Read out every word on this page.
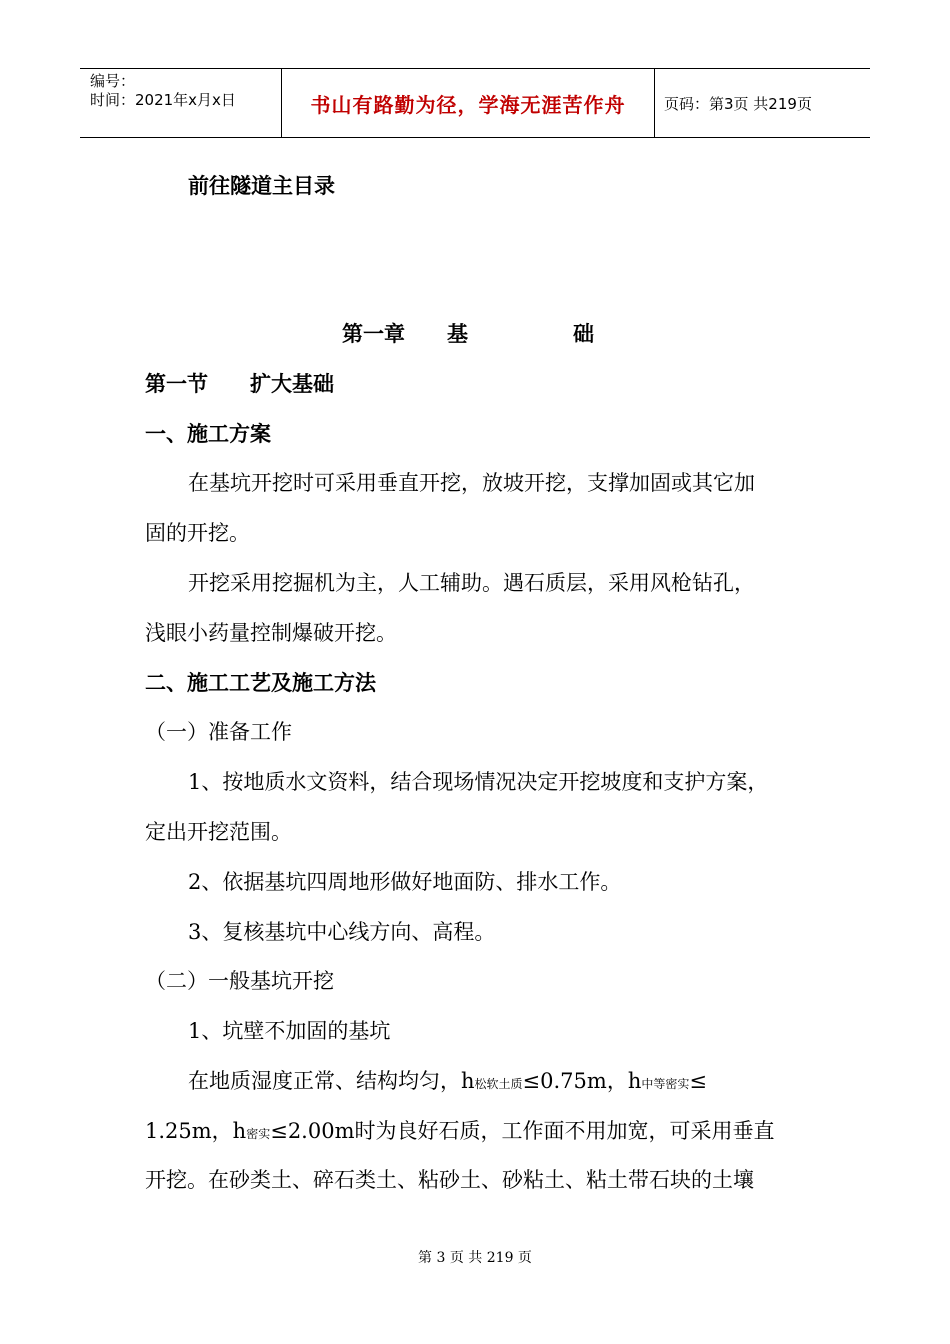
编号：
时间：2021年x月x日	书山有路勤为径，学海无涯苦作舟	页码：第3页 共219页
前往隧道主目录
第一章　　基　　　　　础
第一节　　扩大基础
一、施工方案
在基坑开挖时可采用垂直开挖，放坡开挖，支撑加固或其它加
固的开挖。
开挖采用挖掘机为主，人工辅助。遇石质层，采用风枪钻孔，
浅眼小药量控制爆破开挖。
二、施工工艺及施工方法
（一）准备工作
1、按地质水文资料，结合现场情况决定开挖坡度和支护方案，
定出开挖范围。
2、依据基坑四周地形做好地面防、排水工作。
3、复核基坑中心线方向、高程。
（二）一般基坑开挖
1、坑壁不加固的基坑
在地质湿度正常、结构均匀，h松软土质≤0.75m，h中等密实≤
1.25m，h密实≤2.00m时为良好石质，工作面不用加宽，可采用垂直
开挖。在砂类土、碎石类土、粘砂土、砂粘土、粘土带石块的土壤
第 3 页 共 219 页
